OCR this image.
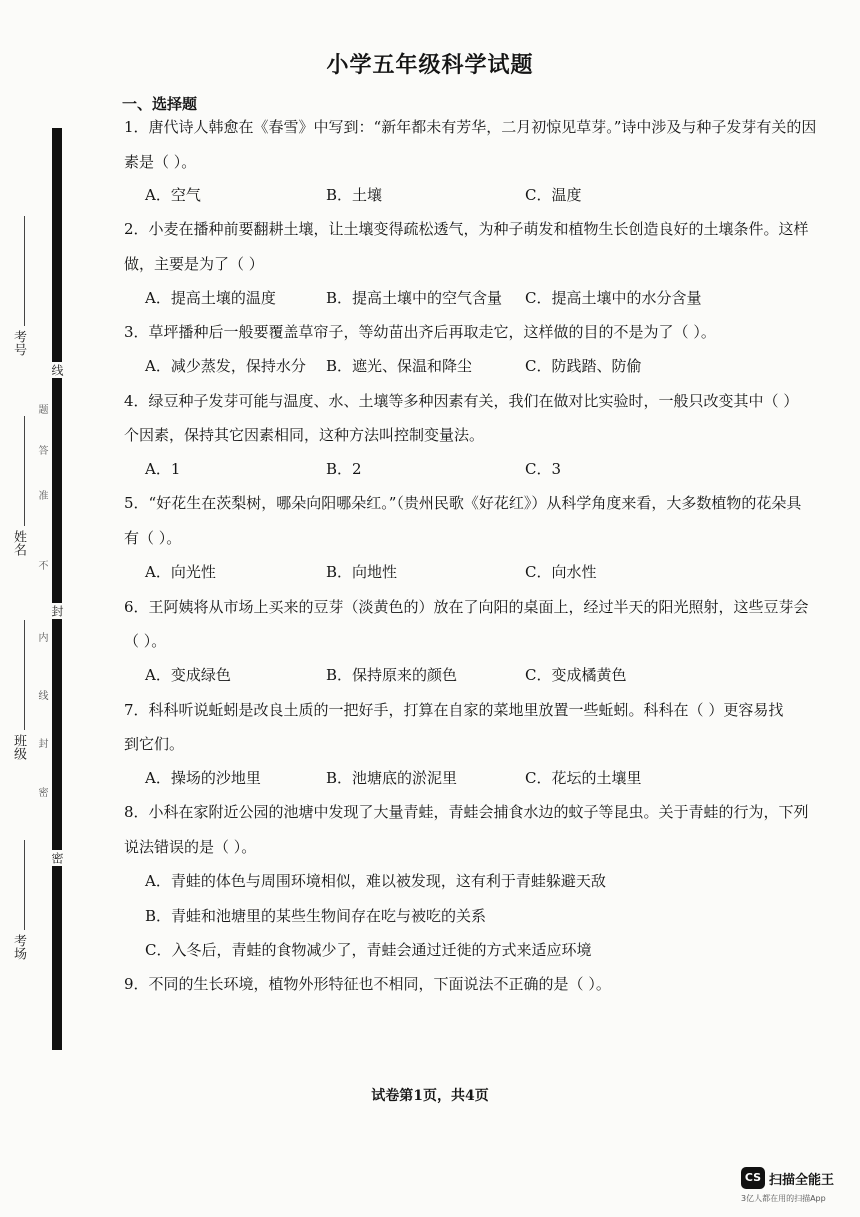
考号
姓名
班级
考场
线
封
密
题
答
准
不
内
线
封
密
小学五年级科学试题
一、选择题
1．唐代诗人韩愈在《春雪》中写到：“新年都未有芳华，二月初惊见草芽。”诗中涉及与种子发芽有关的因
素是（ ）。
A．空气	B．土壤	C．温度
2．小麦在播种前要翻耕土壤，让土壤变得疏松透气，为种子萌发和植物生长创造良好的土壤条件。这样
做，主要是为了（ ）
A．提高土壤的温度	B．提高土壤中的空气含量 C．提高土壤中的水分含量
3．草坪播种后一般要覆盖草帘子，等幼苗出齐后再取走它，这样做的目的不是为了（ ）。
A．减少蒸发，保持水分 B．遮光、保温和降尘	C．防践踏、防偷
4．绿豆种子发芽可能与温度、水、土壤等多种因素有关，我们在做对比实验时，一般只改变其中（ ）
个因素，保持其它因素相同，这种方法叫控制变量法。
A．1	B．2	C．3
5．“好花生在茨梨树，哪朵向阳哪朵红。”（贵州民歌《好花红》）从科学角度来看，大多数植物的花朵具
有（ ）。
A．向光性	B．向地性	C．向水性
6．王阿姨将从市场上买来的豆芽（淡黄色的）放在了向阳的桌面上，经过半天的阳光照射，这些豆芽会
（ ）。
A．变成绿色	B．保持原来的颜色	C．变成橘黄色
7．科科听说蚯蚓是改良土质的一把好手，打算在自家的菜地里放置一些蚯蚓。科科在（ ）更容易找
到它们。
A．操场的沙地里	B．池塘底的淤泥里	C．花坛的土壤里
8．小科在家附近公园的池塘中发现了大量青蛙，青蛙会捕食水边的蚊子等昆虫。关于青蛙的行为，下列
说法错误的是（ ）。
A．青蛙的体色与周围环境相似，难以被发现，这有利于青蛙躲避天敌
B．青蛙和池塘里的某些生物间存在吃与被吃的关系
C．入冬后，青蛙的食物减少了，青蛙会通过迁徙的方式来适应环境
9．不同的生长环境，植物外形特征也不相同，下面说法不正确的是（ ）。
试卷第1页，共4页
CS 扫描全能王
3亿人都在用的扫描App
